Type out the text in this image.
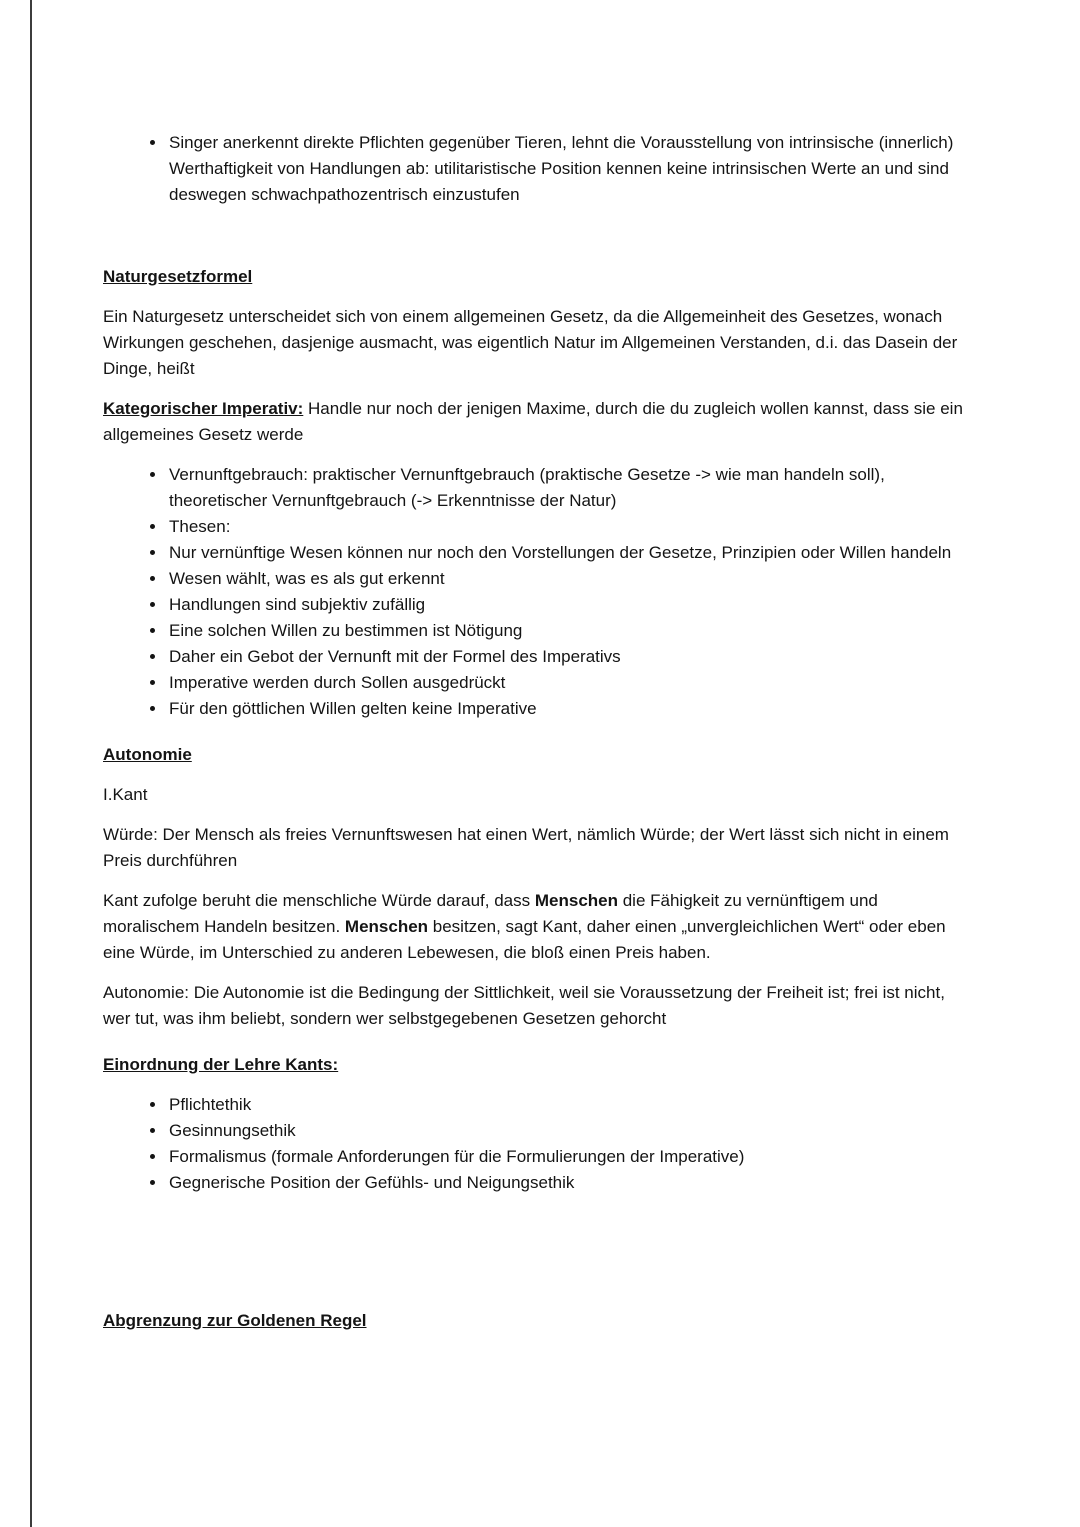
• Singer anerkennt direkte Pflichten gegenüber Tieren, lehnt die Vorausstellung von intrinsische (innerlich) Werthaftigkeit von Handlungen ab: utilitaristische Position kennen keine intrinsischen Werte an und sind deswegen schwachpathozentrisch einzustufen
Naturgesetzformel

Ein Naturgesetz unterscheidet sich von einem allgemeinen Gesetz, da die Allgemeinheit des Gesetzes, wonach Wirkungen geschehen, dasjenige ausmacht, was eigentlich Natur im Allgemeinen Verstanden, d.i. das Dasein der Dinge, heißt

Kategorischer Imperativ: Handle nur noch der jenigen Maxime, durch die du zugleich wollen kannst, dass sie ein allgemeines Gesetz werde

• Vernunftgebrauch: praktischer Vernunftgebrauch (praktische Gesetze -> wie man handeln soll), theoretischer Vernunftgebrauch (-> Erkenntnisse der Natur)
• Thesen:
• Nur vernünftige Wesen können nur noch den Vorstellungen der Gesetze, Prinzipien oder Willen handeln
• Wesen wählt, was es als gut erkennt
• Handlungen sind subjektiv zufällig
• Eine solchen Willen zu bestimmen ist Nötigung
• Daher ein Gebot der Vernunft mit der Formel des Imperativs
• Imperative werden durch Sollen ausgedrückt
• Für den göttlichen Willen gelten keine Imperative
Autonomie

I.Kant

Würde: Der Mensch als freies Vernunftswesen hat einen Wert, nämlich Würde; der Wert lässt sich nicht in einem Preis durchführen

Kant zufolge beruht die menschliche Würde darauf, dass Menschen die Fähigkeit zu vernünftigem und moralischem Handeln besitzen. Menschen besitzen, sagt Kant, daher einen „unvergleichlichen Wert“ oder eben eine Würde, im Unterschied zu anderen Lebewesen, die bloß einen Preis haben.

Autonomie: Die Autonomie ist die Bedingung der Sittlichkeit, weil sie Voraussetzung der Freiheit ist; frei ist nicht, wer tut, was ihm beliebt, sondern wer selbstgegebenen Gesetzen gehorcht

Einordnung der Lehre Kants:
• Pflichtethik
• Gesinnungsethik
• Formalismus (formale Anforderungen für die Formulierungen der Imperative)
• Gegnerische Position der Gefühls- und Neigungsethik
Abgrenzung zur Goldenen Regel
